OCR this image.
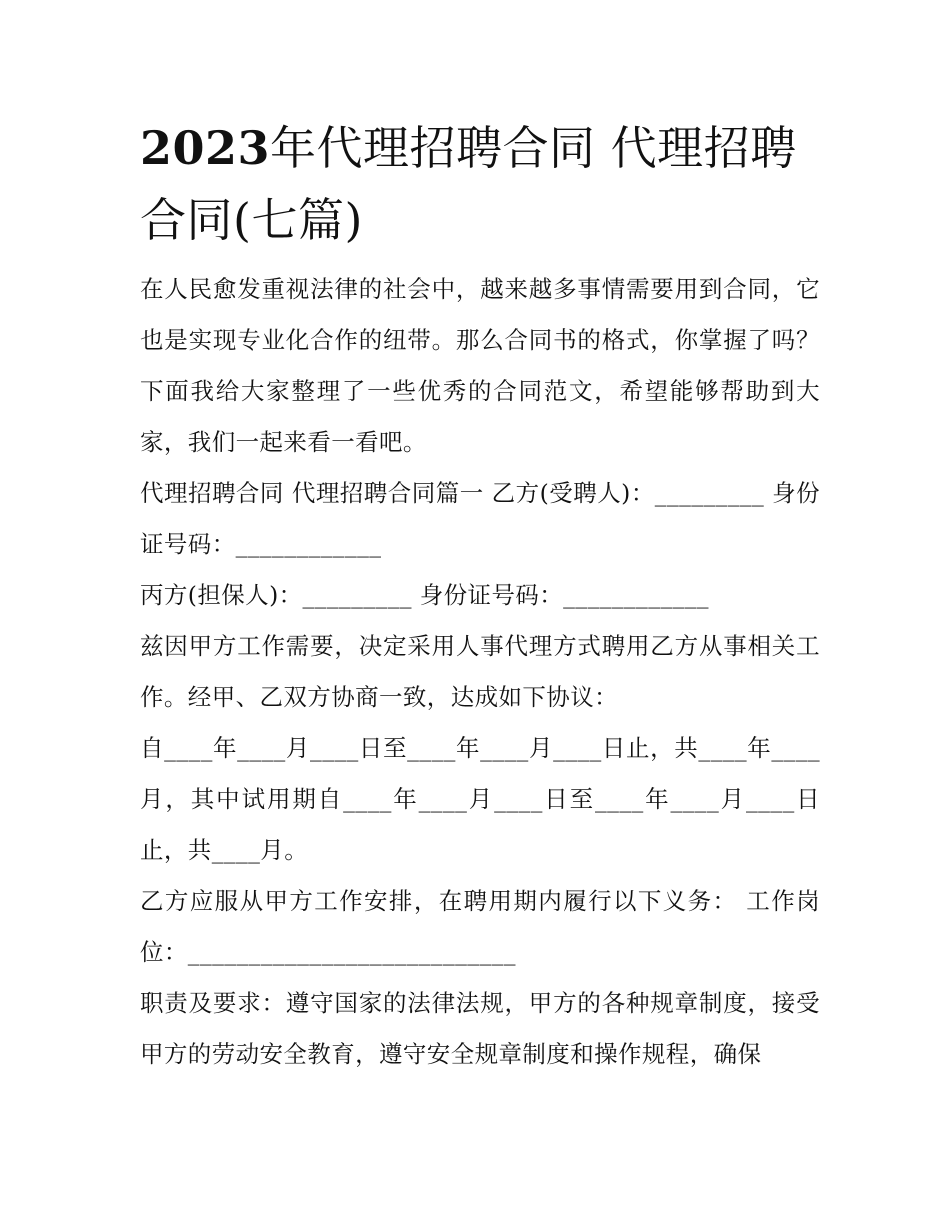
2023年代理招聘合同 代理招聘合同(七篇)

在人民愈发重视法律的社会中，越来越多事情需要用到合同，它也是实现专业化合作的纽带。那么合同书的格式，你掌握了吗？下面我给大家整理了一些优秀的合同范文，希望能够帮助到大家，我们一起来看一看吧。

代理招聘合同 代理招聘合同篇一 乙方(受聘人)：_________ 身份证号码：____________

丙方(担保人)：_________ 身份证号码：____________

兹因甲方工作需要，决定采用人事代理方式聘用乙方从事相关工作。经甲、乙双方协商一致，达成如下协议：

自____年____月____日至____年____月____日止，共____年____月，其中试用期自____年____月____日至____年____月____日止，共____月。

乙方应服从甲方工作安排，在聘用期内履行以下义务： 工作岗位：___________________________

职责及要求：遵守国家的法律法规，甲方的各种规章制度，接受甲方的劳动安全教育，遵守安全规章制度和操作规程，确保
